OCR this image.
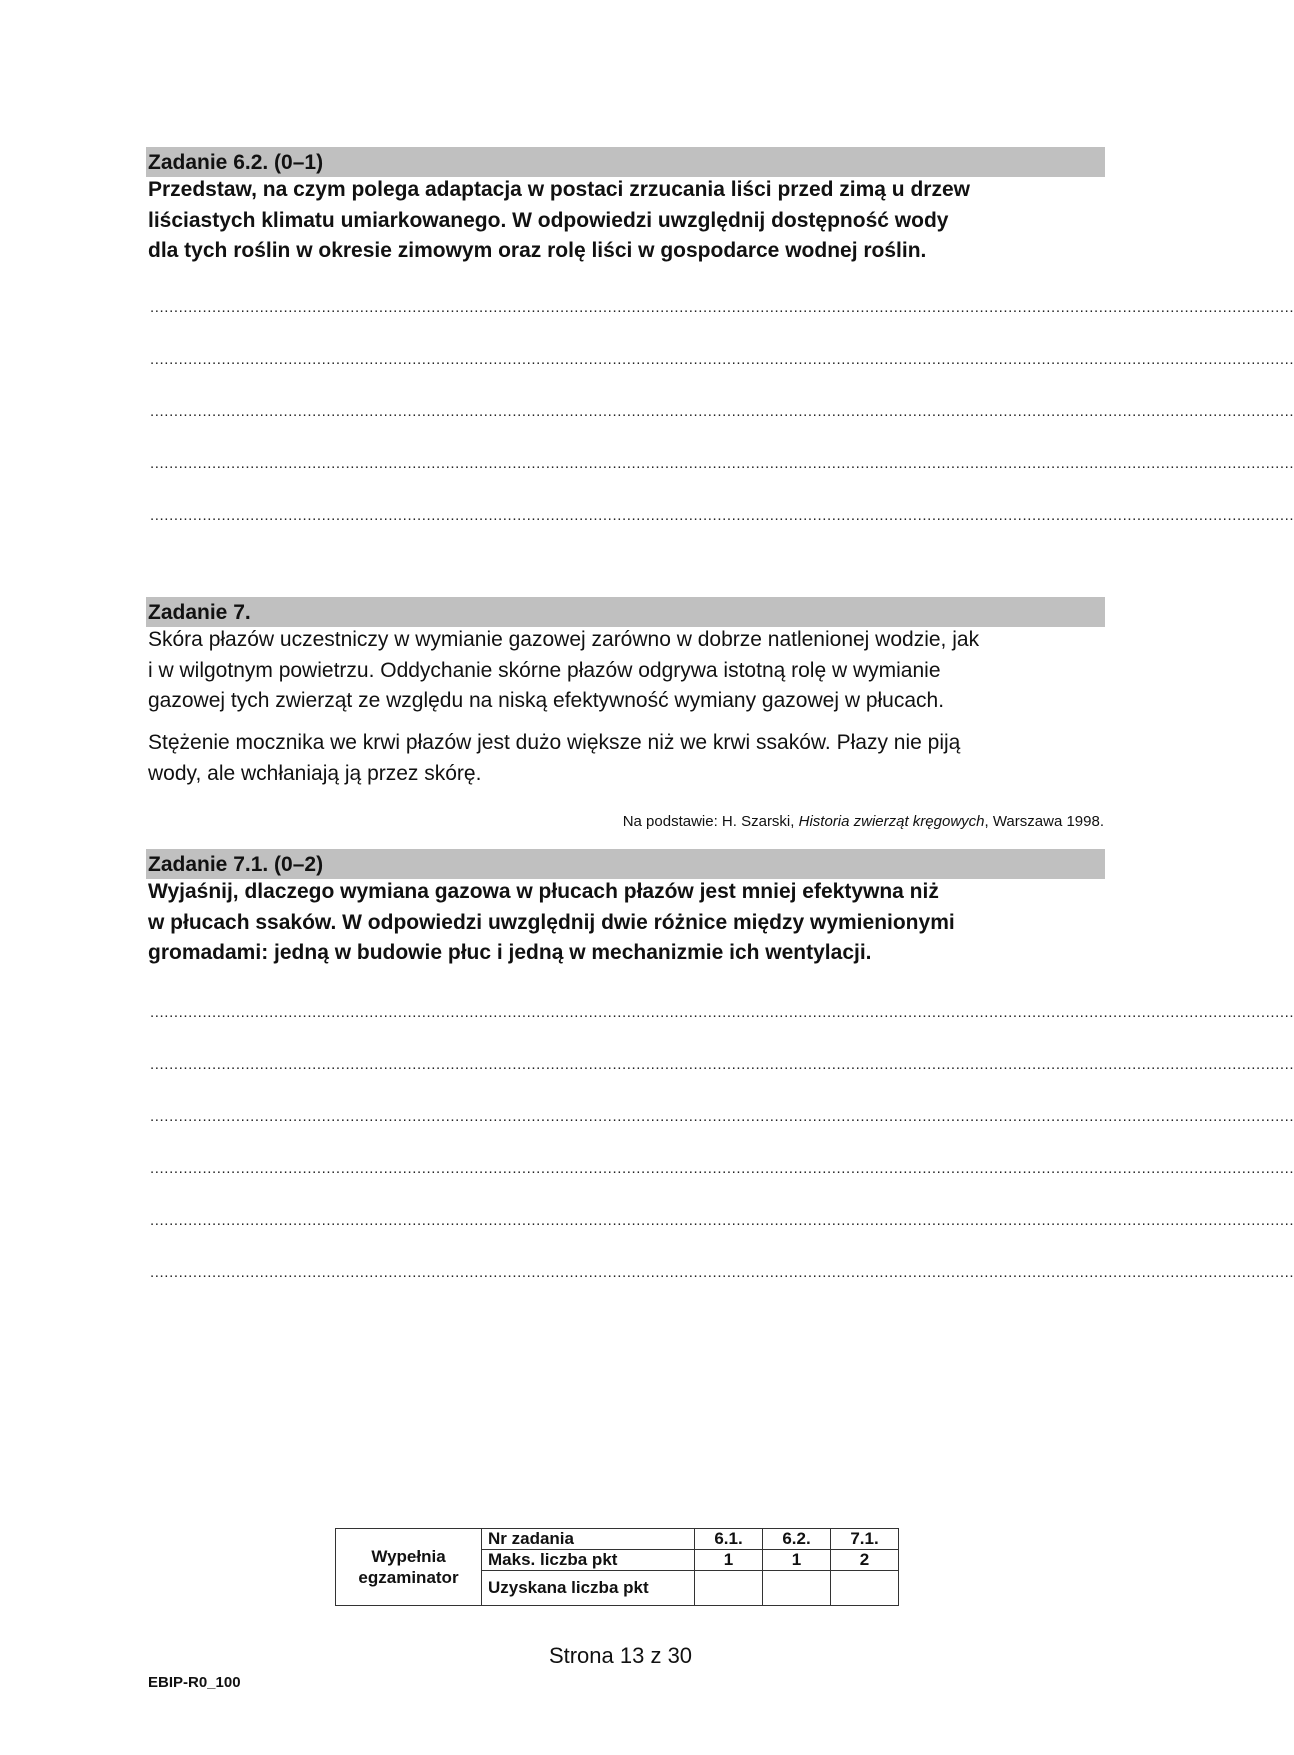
Zadanie 6.2. (0–1)
Przedstaw, na czym polega adaptacja w postaci zrzucania liści przed zimą u drzew
liściastych klimatu umiarkowanego. W odpowiedzi uwzględnij dostępność wody
dla tych roślin w okresie zimowym oraz rolę liści w gospodarce wodnej roślin.
................................................................................................................................................................................................................................................
................................................................................................................................................................................................................................................
................................................................................................................................................................................................................................................
................................................................................................................................................................................................................................................
................................................................................................................................................................................................................................................
Zadanie 7.
Skóra płazów uczestniczy w wymianie gazowej zarówno w dobrze natlenionej wodzie, jak
i w wilgotnym powietrzu. Oddychanie skórne płazów odgrywa istotną rolę w wymianie
gazowej tych zwierząt ze względu na niską efektywność wymiany gazowej w płucach.
Stężenie mocznika we krwi płazów jest dużo większe niż we krwi ssaków. Płazy nie piją
wody, ale wchłaniają ją przez skórę.
Na podstawie: H. Szarski, Historia zwierząt kręgowych, Warszawa 1998.
Zadanie 7.1. (0–2)
Wyjaśnij, dlaczego wymiana gazowa w płucach płazów jest mniej efektywna niż
w płucach ssaków. W odpowiedzi uwzględnij dwie różnice między wymienionymi
gromadami: jedną w budowie płuc i jedną w mechanizmie ich wentylacji.
................................................................................................................................................................................................................................................
................................................................................................................................................................................................................................................
................................................................................................................................................................................................................................................
................................................................................................................................................................................................................................................
................................................................................................................................................................................................................................................
................................................................................................................................................................................................................................................
Wypełnia
egzaminator	Nr zadania	6.1.	6.2.	7.1.
	Maks. liczba pkt	1	1	2
	Uzyskana liczba pkt			
Strona 13 z 30
EBIP-R0_100
